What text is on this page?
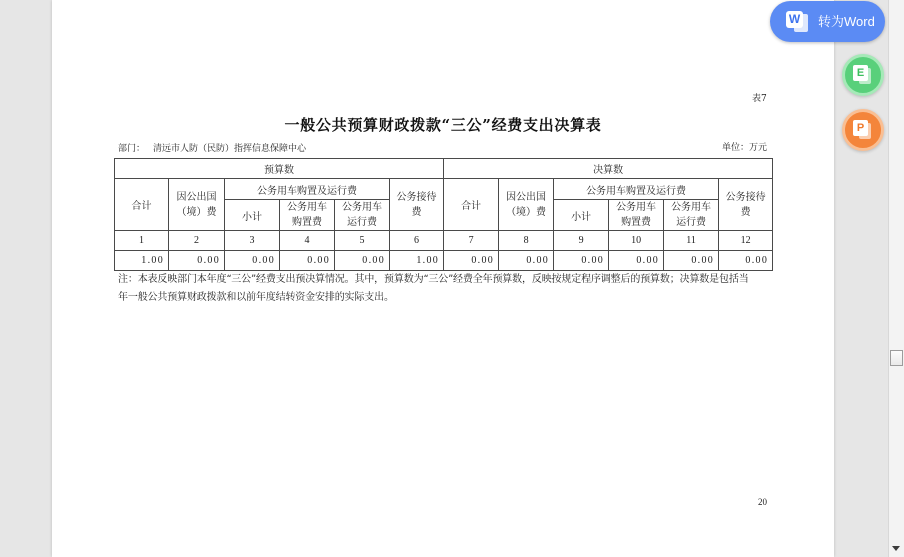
表7
一般公共预算财政拨款“三公”经费支出决算表
部门： 清远市人防（民防）指挥信息保障中心	单位：万元
预算数						决算数					
合计	因公出国（境）费	公务用车购置及运行费			公务接待费	合计	因公出国（境）费	公务用车购置及运行费			公务接待费
		小计	公务用车购置费	公务用车运行费				小计	公务用车购置费	公务用车运行费	
1	2	3	4	5	6	7	8	9	10	11	12
1.00	0.00	0.00	0.00	0.00	1.00	0.00	0.00	0.00	0.00	0.00	0.00
注：本表反映部门本年度“三公”经费支出预决算情况。其中，预算数为“三公”经费全年预算数，反映按规定程序调整后的预算数；决算数是包括当
年一般公共预算财政拨款和以前年度结转资金安排的实际支出。
20
W 转为Word
E
P
